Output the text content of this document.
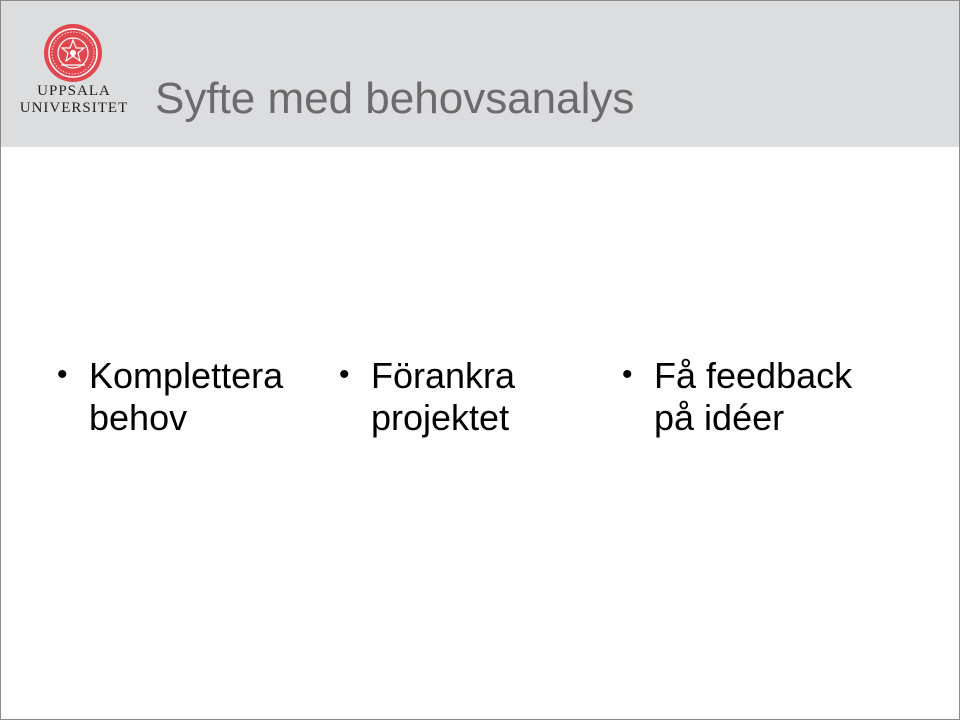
UPPSALA
UNIVERSITET Syfte med behovsanalys
• Komplettera
behov
• Förankra
projektet
• Få feedback
på idéer
